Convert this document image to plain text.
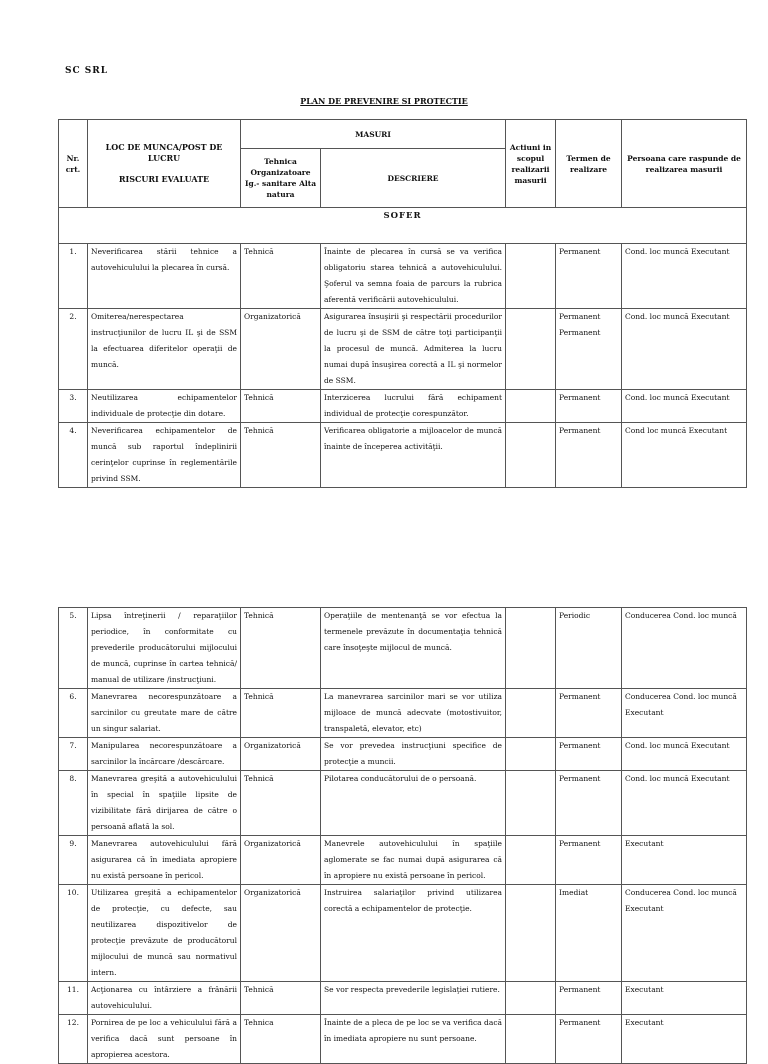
SC SRL
PLAN DE PREVENIRE SI PROTECTIE
Nr. crt.	LOC DE MUNCA/POST DE LUCRU
RISCURI EVALUATE	MASURI		Actiuni in scopul realizarii masurii	Termen de realizare	Persoana care raspunde de realizarea masurii
		Tehnica Organizatoare Ig.- sanitare Alta natura	DESCRIERE			
SOFER						
1.	Neverificarea stării tehnice a autovehiculului la plecarea în cursă.	Tehnică	Înainte de plecarea în cursă se va verifica obligatoriu starea tehnică a autovehiculului. Şoferul va semna foaia de parcurs la rubrica aferentă verificării autovehiculului.		Permanent	Cond. loc muncă Executant
2.	Omiterea/nerespectarea instrucţiunilor de lucru IL şi de SSM la efectuarea diferitelor operaţii de muncă.	Organizatorică	Asigurarea însuşirii şi respectării procedurilor de lucru şi de SSM de către toţi participanţii la procesul de muncă. Admiterea la lucru numai după însuşirea corectă a IL şi normelor de SSM.		Permanent Permanent	Cond. loc muncă Executant
3.	Neutilizarea echipamentelor individuale de protecţie din dotare.	Tehnică	Interzicerea lucrului fără echipament individual de protecţie corespunzător.		Permanent	Cond. loc muncă Executant
4.	Neverificarea echipamentelor de muncă sub raportul îndeplinirii cerinţelor cuprinse în reglementările privind SSM.	Tehnică	Verificarea obligatorie a mijloacelor de muncă înainte de începerea activităţii.		Permanent	Cond loc muncă Executant
5.	Lipsa întreţinerii / reparaţiilor periodice, în conformitate cu prevederile producătorului mijlocului de muncă, cuprinse în cartea tehnică/ manual de utilizare /instrucţiuni.	Tehnică	Operaţiile de mentenanţă se vor efectua la termenele prevăzute în documentaţia tehnică care însoţeşte mijlocul de muncă.		Periodic	Conducerea Cond. loc muncă
6.	Manevrarea necorespunzătoare a sarcinilor cu greutate mare de către un singur salariat.	Tehnică	La manevrarea sarcinilor mari se vor utiliza mijloace de muncă adecvate (motostivuitor, transpaletă, elevator, etc)		Permanent	Conducerea Cond. loc muncă Executant
7.	Manipularea necorespunzătoare a sarcinilor la încărcare /descărcare.	Organizatorică	Se vor prevedea instrucţiuni specifice de protecţie a muncii.		Permanent	Cond. loc muncă Executant
8.	Manevrarea greşită a autovehiculului în special în spaţiile lipsite de vizibilitate fără dirijarea de către o persoană aflată la sol.	Tehnică	Pilotarea conducătorului de o persoană.		Permanent	Cond. loc muncă Executant
9.	Manevrarea autovehiculului fără asigurarea că în imediata apropiere nu există persoane în pericol.	Organizatorică	Manevrele autovehiculului în spaţiile aglomerate se fac numai după asigurarea că în apropiere nu există persoane în pericol.		Permanent	Executant
10.	Utilizarea greşită a echipamentelor de protecţie, cu defecte, sau neutilizarea dispozitivelor de protecţie prevăzute de producătorul mijlocului de muncă sau normativul intern.	Organizatorică	Instruirea salariaţilor privind utilizarea corectă a echipamentelor de protecţie.		Imediat	Conducerea Cond. loc muncă Executant
11.	Acţionarea cu întârziere a frânării autovehiculului.	Tehnică	Se vor respecta prevederile legislaţiei rutiere.		Permanent	Executant
12.	Pornirea de pe loc a vehiculului fără a verifica dacă sunt persoane în apropierea acestora.	Tehnica	Înainte de a pleca de pe loc se va verifica dacă în imediata apropiere nu sunt persoane.		Permanent	Executant
